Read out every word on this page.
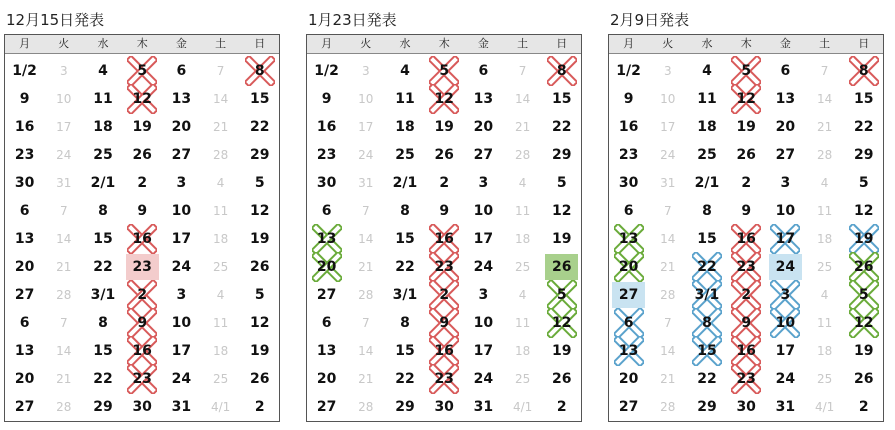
12月15日発表
月	火	水	木	金	土	日
1/2	3	4	5	6	7	8
9	10	11	12	13	14	15
16	17	18	19	20	21	22
23	24	25	26	27	28	29
30	31	2/1	2	3	4	5
6	7	8	9	10	11	12
13	14	15	16	17	18	19
20	21	22	23	24	25	26
27	28	3/1	2	3	4	5
6	7	8	9	10	11	12
13	14	15	16	17	18	19
20	21	22	23	24	25	26
27	28	29	30	31	4/1	2
1月23日発表
月	火	水	木	金	土	日
1/2	3	4	5	6	7	8
9	10	11	12	13	14	15
16	17	18	19	20	21	22
23	24	25	26	27	28	29
30	31	2/1	2	3	4	5
6	7	8	9	10	11	12
13	14	15	16	17	18	19
20	21	22	23	24	25	26
27	28	3/1	2	3	4	5
6	7	8	9	10	11	12
13	14	15	16	17	18	19
20	21	22	23	24	25	26
27	28	29	30	31	4/1	2
2月9日発表
月	火	水	木	金	土	日
1/2	3	4	5	6	7	8
9	10	11	12	13	14	15
16	17	18	19	20	21	22
23	24	25	26	27	28	29
30	31	2/1	2	3	4	5
6	7	8	9	10	11	12
13	14	15	16	17	18	19
20	21	22	23	24	25	26
27	28	3/1	2	3	4	5
6	7	8	9	10	11	12
13	14	15	16	17	18	19
20	21	22	23	24	25	26
27	28	29	30	31	4/1	2
